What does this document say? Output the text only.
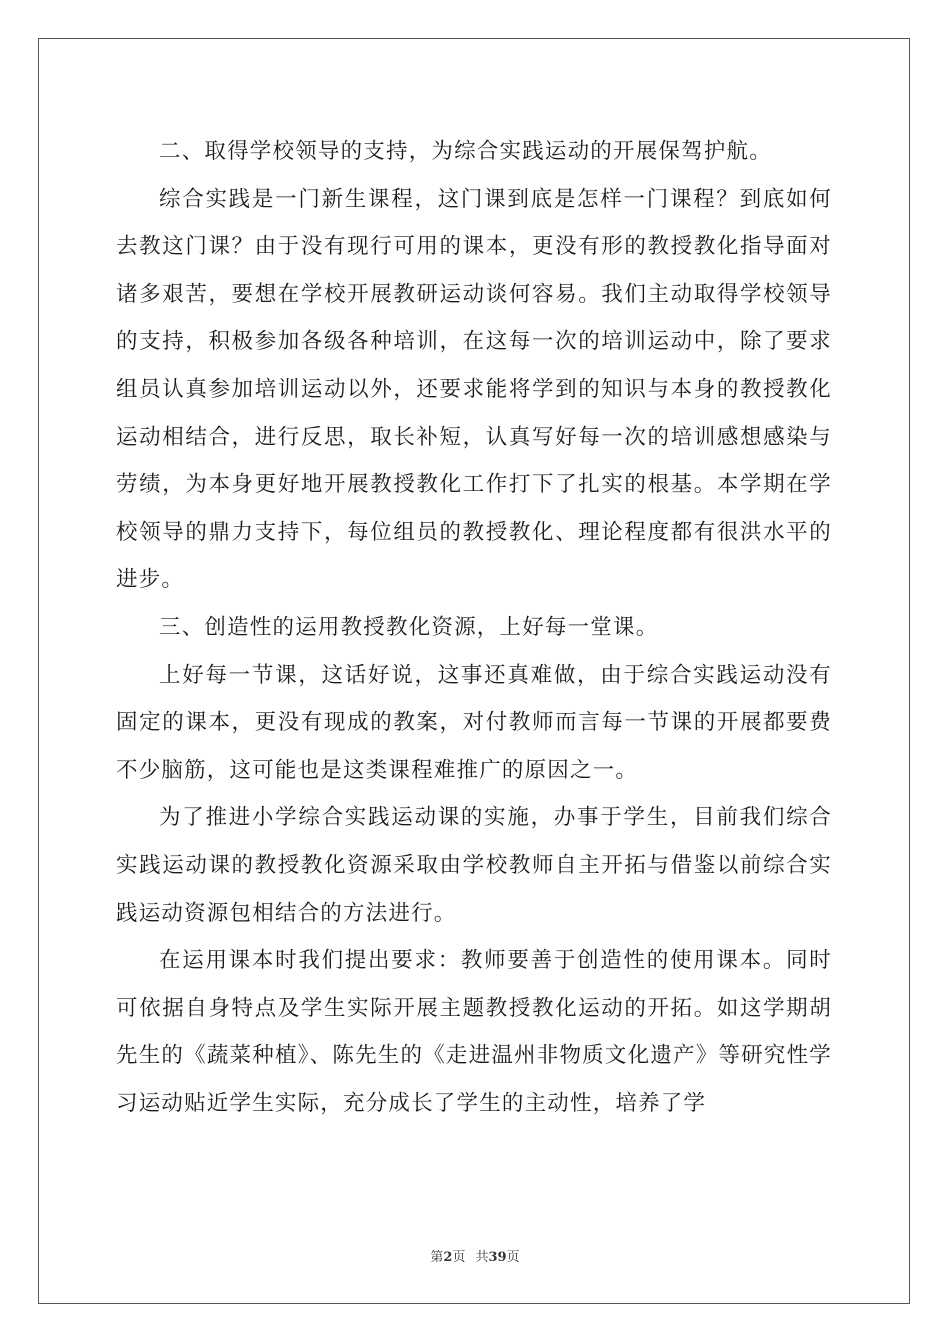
二、取得学校领导的支持，为综合实践运动的开展保驾护航。

综合实践是一门新生课程，这门课到底是怎样一门课程？到底如何去教这门课？由于没有现行可用的课本，更没有形的教授教化指导面对诸多艰苦，要想在学校开展教研运动谈何容易。我们主动取得学校领导的支持，积极参加各级各种培训，在这每一次的培训运动中，除了要求组员认真参加培训运动以外，还要求能将学到的知识与本身的教授教化运动相结合，进行反思，取长补短，认真写好每一次的培训感想感染与劳绩，为本身更好地开展教授教化工作打下了扎实的根基。本学期在学校领导的鼎力支持下，每位组员的教授教化、理论程度都有很洪水平的进步。

三、创造性的运用教授教化资源，上好每一堂课。

上好每一节课，这话好说，这事还真难做，由于综合实践运动没有固定的课本，更没有现成的教案，对付教师而言每一节课的开展都要费不少脑筋，这可能也是这类课程难推广的原因之一。

为了推进小学综合实践运动课的实施，办事于学生，目前我们综合实践运动课的教授教化资源采取由学校教师自主开拓与借鉴以前综合实践运动资源包相结合的方法进行。

在运用课本时我们提出要求：教师要善于创造性的使用课本。同时可依据自身特点及学生实际开展主题教授教化运动的开拓。如这学期胡先生的《蔬菜种植》、陈先生的《走进温州非物质文化遗产》等研究性学习运动贴近学生实际，充分成长了学生的主动性，培养了学

第2页 共39页
